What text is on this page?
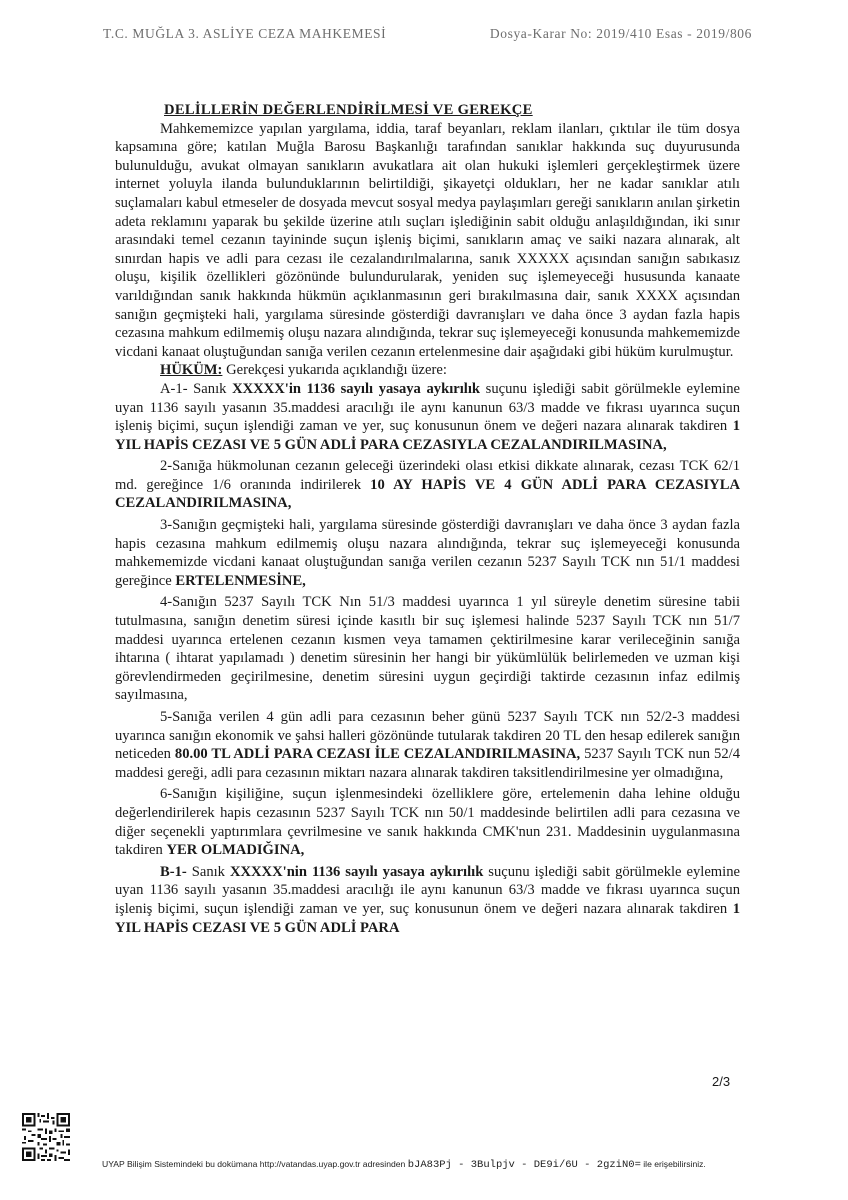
T.C. MUĞLA 3. ASLİYE CEZA MAHKEMESİ	Dosya-Karar No: 2019/410 Esas - 2019/806
DELİLLERİN DEĞERLENDİRİLMESİ VE GEREKÇE

Mahkememizce yapılan yargılama, iddia, taraf beyanları, reklam ilanları, çıktılar ile tüm dosya kapsamına göre; katılan Muğla Barosu Başkanlığı tarafından sanıklar hakkında suç duyurusunda bulunulduğu, avukat olmayan sanıkların avukatlara ait olan hukuki işlemleri gerçekleştirmek üzere internet yoluyla ilanda bulunduklarının belirtildiği, şikayetçi oldukları, her ne kadar sanıklar atılı suçlamaları kabul etmeseler de dosyada mevcut sosyal medya paylaşımları gereği sanıkların anılan şirketin adeta reklamını yaparak bu şekilde üzerine atılı suçları işlediğinin sabit olduğu anlaşıldığından, iki sınır arasındaki temel cezanın tayininde suçun işleniş biçimi, sanıkların amaç ve saiki nazara alınarak, alt sınırdan hapis ve adli para cezası ile cezalandırılmalarına, sanık XXXXX açısından sanığın sabıkasız oluşu, kişilik özellikleri gözönünde bulundurularak, yeniden suç işlemeyeceği hususunda kanaate varıldığından sanık hakkında hükmün açıklanmasının geri bırakılmasına dair, sanık XXXX açısından sanığın geçmişteki hali, yargılama süresinde gösterdiği davranışları ve daha önce 3 aydan fazla hapis cezasına mahkum edilmemiş oluşu nazara alındığında, tekrar suç işlemeyeceği konusunda mahkememizde vicdani kanaat oluştuğundan sanığa verilen cezanın ertelenmesine dair aşağıdaki gibi hüküm kurulmuştur.

HÜKÜM: Gerekçesi yukarıda açıklandığı üzere:

A-1- Sanık XXXXX'in 1136 sayılı yasaya aykırılık suçunu işlediği sabit görülmekle eylemine uyan 1136 sayılı yasanın 35.maddesi aracılığı ile aynı kanunun 63/3 madde ve fıkrası uyarınca suçun işleniş biçimi, suçun işlendiği zaman ve yer, suç konusunun önem ve değeri nazara alınarak takdiren 1 YIL HAPİS CEZASI VE 5 GÜN ADLİ PARA CEZASIYLA CEZALANDIRILMASINA,

2-Sanığa hükmolunan cezanın geleceği üzerindeki olası etkisi dikkate alınarak, cezası TCK 62/1 md. gereğince 1/6 oranında indirilerek 10 AY HAPİS VE 4 GÜN ADLİ PARA CEZASIYLA CEZALANDIRILMASINA,

3-Sanığın geçmişteki hali, yargılama süresinde gösterdiği davranışları ve daha önce 3 aydan fazla hapis cezasına mahkum edilmemiş oluşu nazara alındığında, tekrar suç işlemeyeceği konusunda mahkememizde vicdani kanaat oluştuğundan sanığa verilen cezanın 5237 Sayılı TCK nın 51/1 maddesi gereğince ERTELENMESİNE,

4-Sanığın 5237 Sayılı TCK Nın 51/3 maddesi uyarınca 1 yıl süreyle denetim süresine tabii tutulmasına, sanığın denetim süresi içinde kasıtlı bir suç işlemesi halinde 5237 Sayılı TCK nın 51/7 maddesi uyarınca ertelenen cezanın kısmen veya tamamen çektirilmesine karar verileceğinin sanığa ihtarına ( ihtarat yapılamadı ) denetim süresinin her hangi bir yükümlülük belirlemeden ve uzman kişi görevlendirmeden geçirilmesine, denetim süresini uygun geçirdiği taktirde cezasının infaz edilmiş sayılmasına,

5-Sanığa verilen 4 gün adli para cezasının beher günü 5237 Sayılı TCK nın 52/2-3 maddesi uyarınca sanığın ekonomik ve şahsi halleri gözönünde tutularak takdiren 20 TL den hesap edilerek sanığın neticeden 80.00 TL ADLİ PARA CEZASI İLE CEZALANDIRILMASINA, 5237 Sayılı TCK nun 52/4 maddesi gereği, adli para cezasının miktarı nazara alınarak takdiren taksitlendirilmesine yer olmadığına,

6-Sanığın kişiliğine, suçun işlenmesindeki özelliklere göre, ertelemenin daha lehine olduğu değerlendirilerek hapis cezasının 5237 Sayılı TCK nın 50/1 maddesinde belirtilen adli para cezasına ve diğer seçenekli yaptırımlara çevrilmesine ve sanık hakkında CMK'nun 231. Maddesinin uygulanmasına takdiren YER OLMADIĞINA,

B-1- Sanık XXXXX'nin 1136 sayılı yasaya aykırılık suçunu işlediği sabit görülmekle eylemine uyan 1136 sayılı yasanın 35.maddesi aracılığı ile aynı kanunun 63/3 madde ve fıkrası uyarınca suçun işleniş biçimi, suçun işlendiği zaman ve yer, suç konusunun önem ve değeri nazara alınarak takdiren 1 YIL HAPİS CEZASI VE 5 GÜN ADLİ PARA

2/3
UYAP Bilişim Sistemindeki bu dokümana http://vatandas.uyap.gov.tr adresinden bJA83Pj - 3Bulpjv - DE9i/6U - 2gziN0= ile erişebilirsiniz.
